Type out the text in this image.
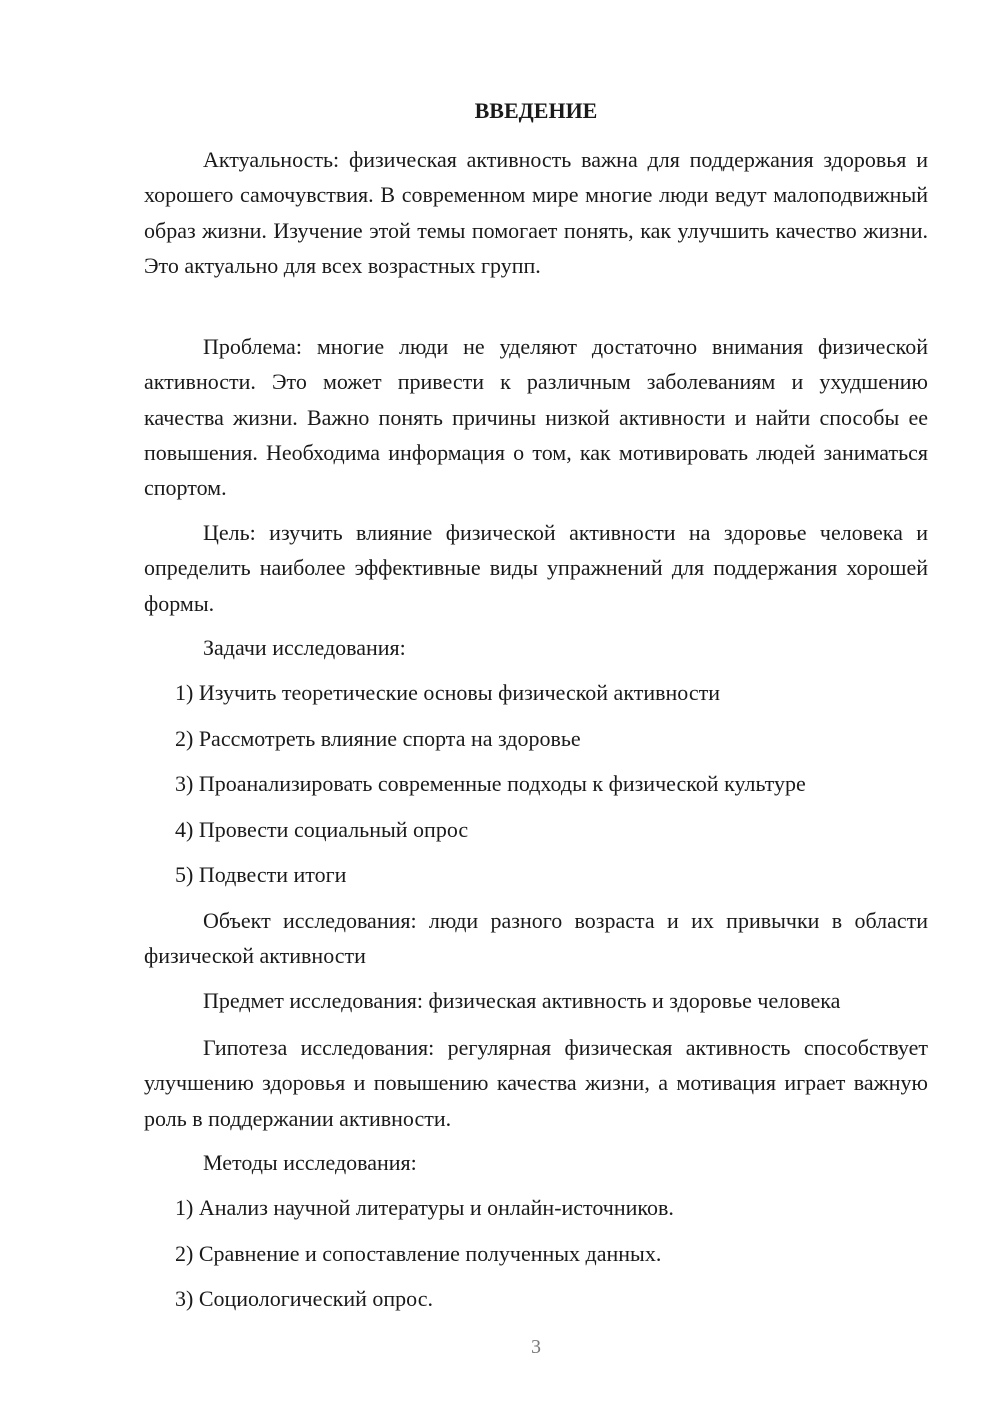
ВВЕДЕНИЕ

Актуальность: физическая активность важна для поддержания здоровья и хорошего самочувствия. В современном мире многие люди ведут малоподвижный образ жизни. Изучение этой темы помогает понять, как улучшить качество жизни. Это актуально для всех возрастных групп.

Проблема: многие люди не уделяют достаточно внимания физической активности. Это может привести к различным заболеваниям и ухудшению качества жизни. Важно понять причины низкой активности и найти способы ее повышения. Необходима информация о том, как мотивировать людей заниматься спортом.

Цель: изучить влияние физической активности на здоровье человека и определить наиболее эффективные виды упражнений для поддержания хорошей формы.

Задачи исследования:

1) Изучить теоретические основы физической активности

2) Рассмотреть влияние спорта на здоровье

3) Проанализировать современные подходы к физической культуре

4) Провести социальный опрос

5) Подвести итоги

Объект исследования: люди разного возраста и их привычки в области физической активности

Предмет исследования: физическая активность и здоровье человека

Гипотеза исследования: регулярная физическая активность способствует улучшению здоровья и повышению качества жизни, а мотивация играет важную роль в поддержании активности.

Методы исследования:

1) Анализ научной литературы и онлайн-источников.

2) Сравнение и сопоставление полученных данных.

3) Социологический опрос.

3
